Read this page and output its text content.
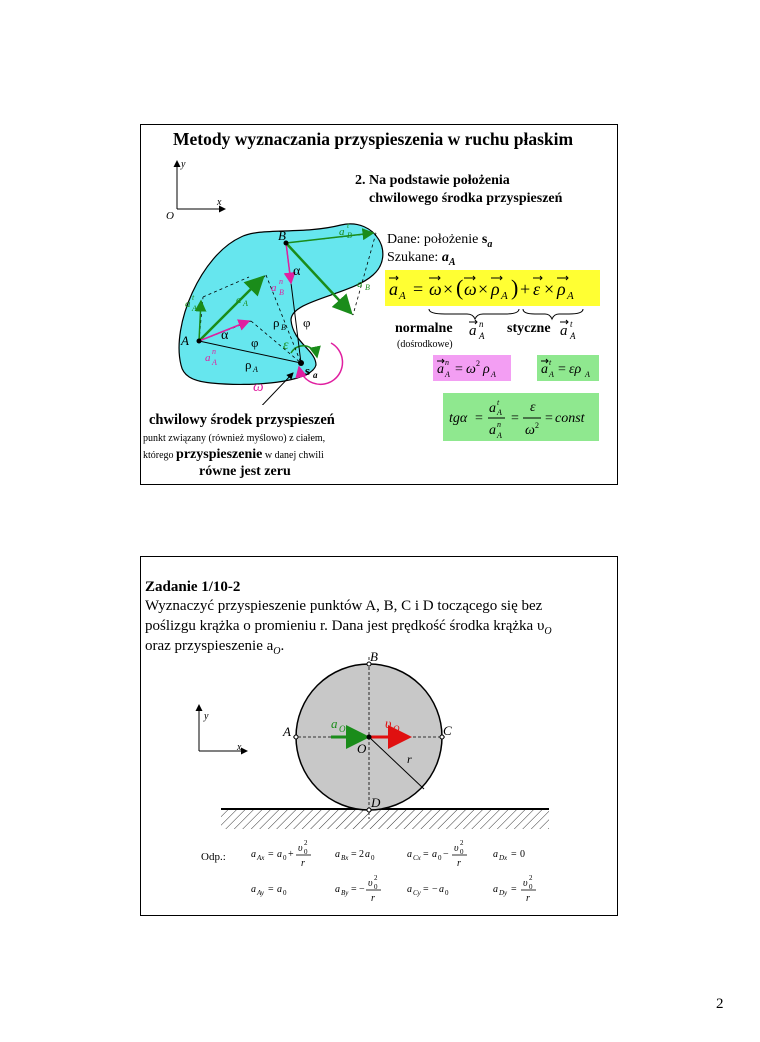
Metody wyznaczania przyspieszenia w ruchu płaskim
2. Na podstawie położenia
chwilowego środka przyspieszeń
Dane: położenie $s_a$
Szukane: $a_A$
a A = ω × ( ω × ρ A ) + ε × ρ A
normalne a n
A styczne a t
A
(dośrodkowe)
a n
A = ω 2 ρ A	a t
A = ερ A
tgα =
a t
A
a n
A
=
ε
ω 2 = const
y
x
O
A
B
a A
a
t
A
a
n
A
a
t
B
a
n
B
a B
α
α
ρ B φ
φ
ρ A
ε
s a
ω
chwilowy środek przyspieszeń
punkt związany (również myślowo) z ciałem,
którego przyspieszenie w danej chwili
równe jest zeru
Zadanie 1/10-2
Wyznaczyć przyspieszenie punktów A, B, C i D toczącego się bez
poślizgu krążka o promieniu r. Dana jest prędkość środka krążka $\upsilon_O$
oraz przyspieszenie $a_O$.
y
x
B
A	C
O
D
r
a O	υ O
Odp.:	a Ax = a 0 +
υ 2
0
r
a Bx = 2 a 0	a Cx = a 0 −
υ 2
0
r
a Dx = 0
a Ay = a 0	a By = −
υ 2
0
r
a Cy = − a 0	a Dy =
υ 2
0
r
2
